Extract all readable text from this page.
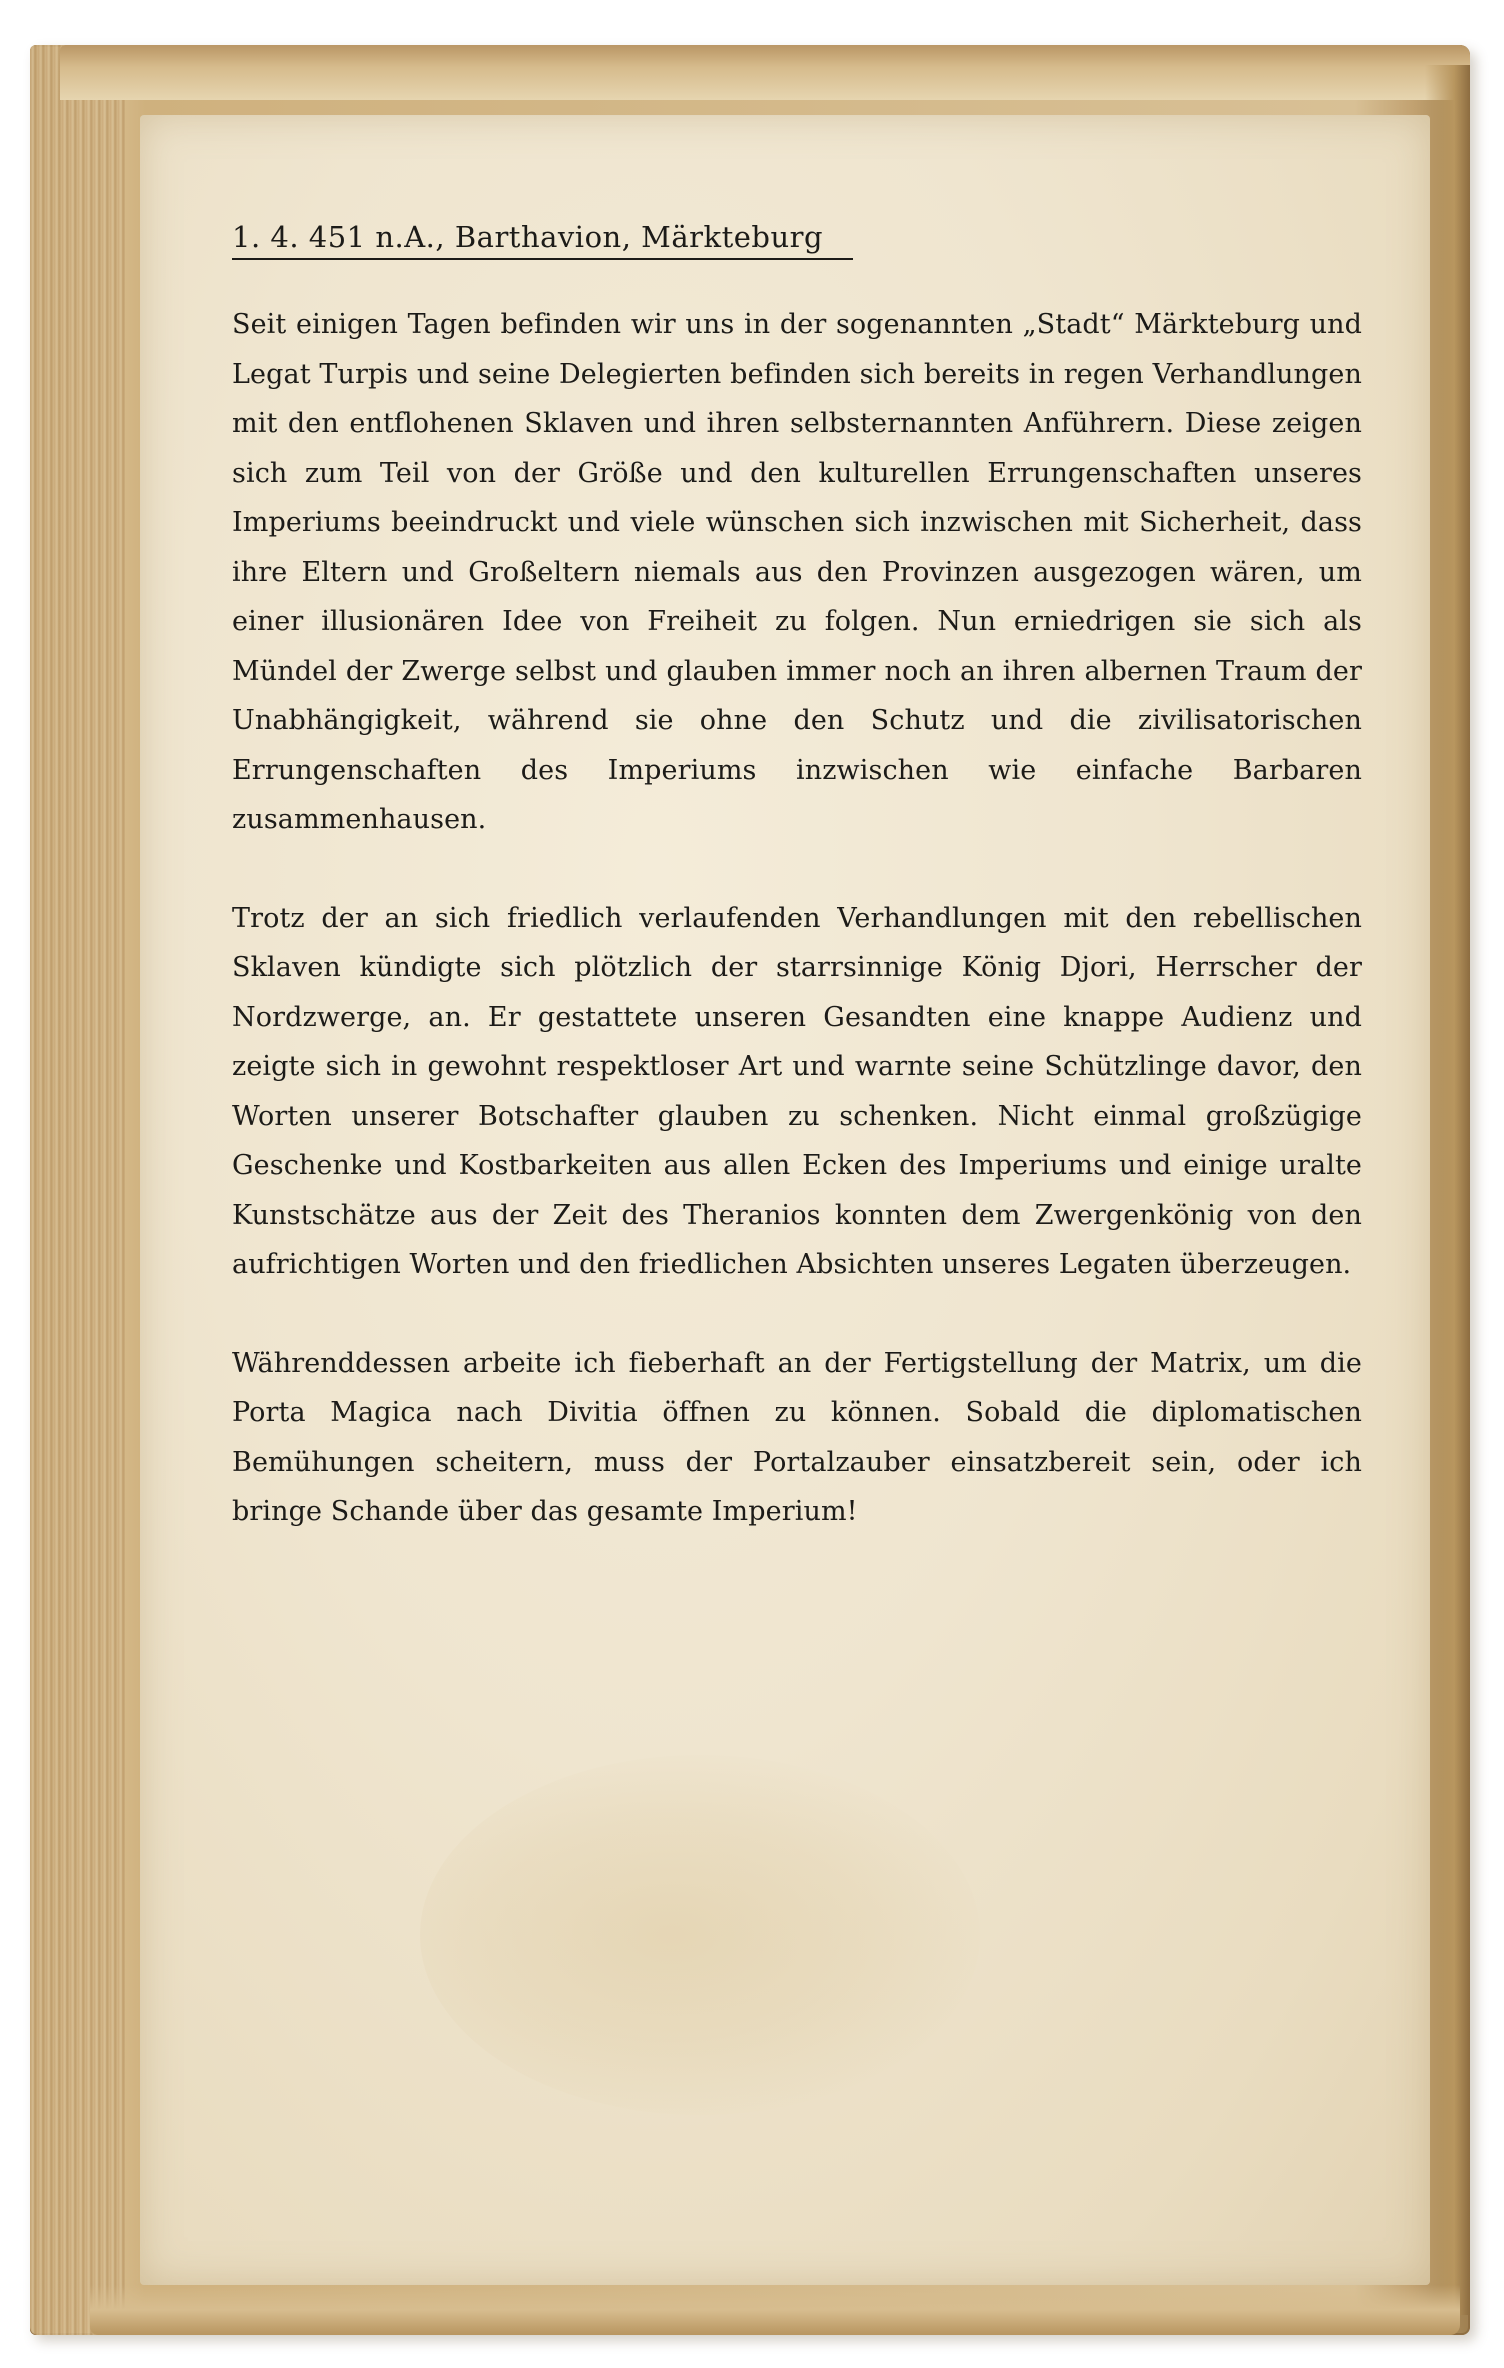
1. 4. 451 n.A., Barthavion, Märkteburg

Seit einigen Tagen befinden wir uns in der sogenannten „Stadt“ Märkteburg und Legat Turpis und seine Delegierten befinden sich bereits in regen Verhandlungen mit den entflohenen Sklaven und ihren selbsternannten Anführern. Diese zeigen sich zum Teil von der Größe und den kulturellen Errungenschaften unseres Imperiums beeindruckt und viele wünschen sich inzwischen mit Sicherheit, dass ihre Eltern und Großeltern niemals aus den Provinzen ausgezogen wären, um einer illusionären Idee von Freiheit zu folgen. Nun erniedrigen sie sich als Mündel der Zwerge selbst und glauben immer noch an ihren albernen Traum der Unabhängigkeit, während sie ohne den Schutz und die zivilisatorischen Errungenschaften des Imperiums inzwischen wie einfache Barbaren zusammenhausen.

Trotz der an sich friedlich verlaufenden Verhandlungen mit den rebellischen Sklaven kündigte sich plötzlich der starrsinnige König Djori, Herrscher der Nordzwerge, an. Er gestattete unseren Gesandten eine knappe Audienz und zeigte sich in gewohnt respektloser Art und warnte seine Schützlinge davor, den Worten unserer Botschafter glauben zu schenken. Nicht einmal großzügige Geschenke und Kostbarkeiten aus allen Ecken des Imperiums und einige uralte Kunstschätze aus der Zeit des Theranios konnten dem Zwergenkönig von den aufrichtigen Worten und den friedlichen Absichten unseres Legaten überzeugen.

Währenddessen arbeite ich fieberhaft an der Fertigstellung der Matrix, um die Porta Magica nach Divitia öffnen zu können. Sobald die diplomatischen Bemühungen scheitern, muss der Portalzauber einsatzbereit sein, oder ich bringe Schande über das gesamte Imperium!
